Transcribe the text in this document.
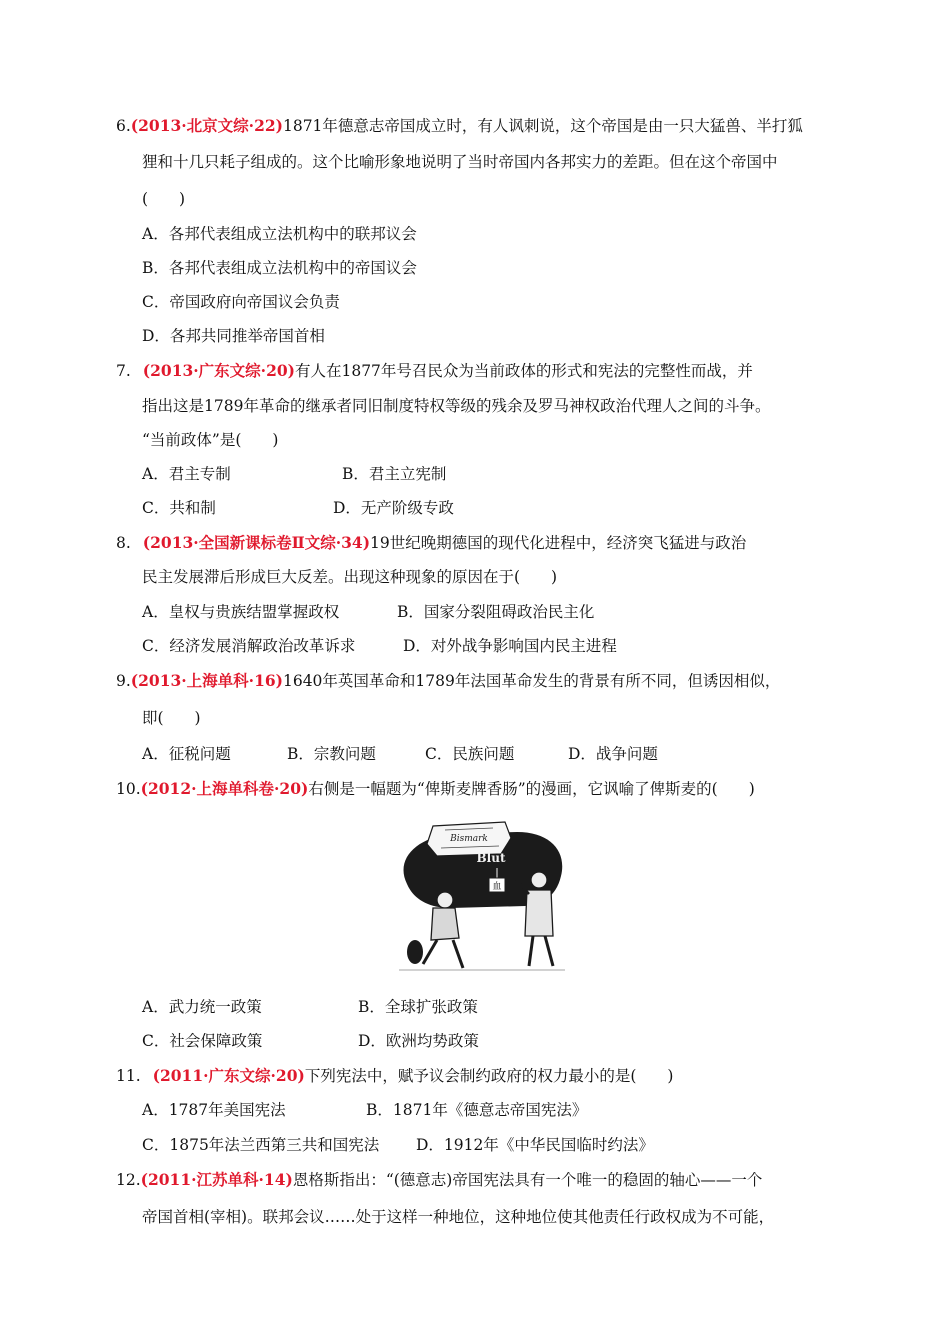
6.(2013·北京文综·22)1871年德意志帝国成立时，有人讽刺说，这个帝国是由一只大猛兽、半打狐
狸和十几只耗子组成的。这个比喻形象地说明了当时帝国内各邦实力的差距。但在这个帝国中
(　　)
A．各邦代表组成立法机构中的联邦议会
B．各邦代表组成立法机构中的帝国议会
C．帝国政府向帝国议会负责
D．各邦共同推举帝国首相
7. (2013·广东文综·20)有人在1877年号召民众为当前政体的形式和宪法的完整性而战，并
指出这是1789年革命的继承者同旧制度特权等级的残余及罗马神权政治代理人之间的斗争。
“当前政体”是(　　)
A．君主专制	B．君主立宪制
C．共和制	D．无产阶级专政
8. (2013·全国新课标卷Ⅱ文综·34)19世纪晚期德国的现代化进程中，经济突飞猛进与政治
民主发展滞后形成巨大反差。出现这种现象的原因在于(　　)
A．皇权与贵族结盟掌握政权	B．国家分裂阻碍政治民主化
C．经济发展消解政治改革诉求	D．对外战争影响国内民主进程
9.(2013·上海单科·16)1640年英国革命和1789年法国革命发生的背景有所不同，但诱因相似，
即(　　)
A．征税问题	B．宗教问题	C．民族问题	D．战争问题
10.(2012·上海单科卷·20)右侧是一幅题为“俾斯麦牌香肠”的漫画，它讽喻了俾斯麦的(　　)
Bismark
Blut
血
A．武力统一政策	B．全球扩张政策
C．社会保障政策	D．欧洲均势政策
11. (2011·广东文综·20)下列宪法中，赋予议会制约政府的权力最小的是(　　)
A．1787年美国宪法	B．1871年《德意志帝国宪法》
C．1875年法兰西第三共和国宪法 D．1912年《中华民国临时约法》
12.(2011·江苏单科·14)恩格斯指出：“(德意志)帝国宪法具有一个唯一的稳固的轴心——一个
帝国首相(宰相)。联邦会议……处于这样一种地位，这种地位使其他责任行政权成为不可能，
